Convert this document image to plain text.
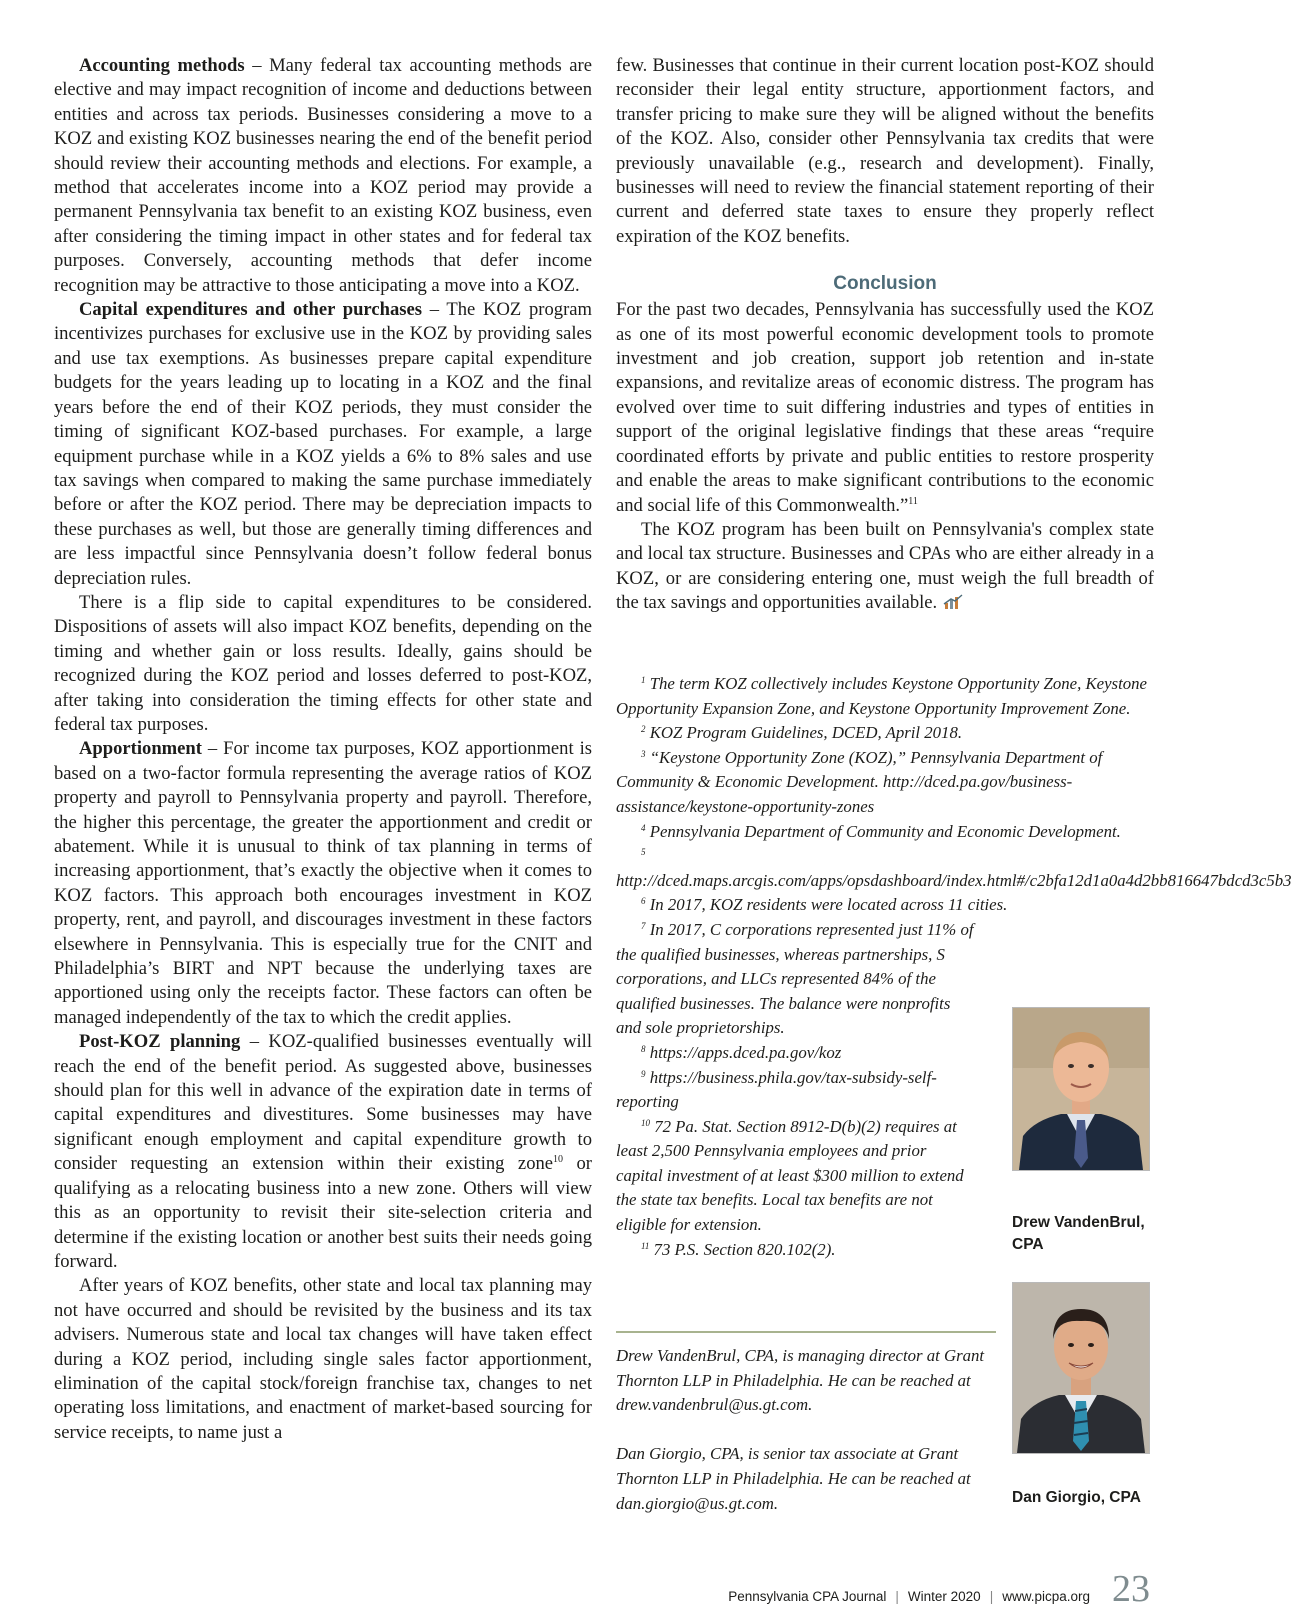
Accounting methods – Many federal tax accounting methods are elective and may impact recognition of income and deductions between entities and across tax periods. Businesses considering a move to a KOZ and existing KOZ businesses nearing the end of the benefit period should review their accounting methods and elections. For example, a method that accelerates income into a KOZ period may provide a permanent Pennsylvania tax benefit to an existing KOZ business, even after considering the timing impact in other states and for federal tax purposes. Conversely, accounting methods that defer income recognition may be attractive to those anticipating a move into a KOZ.

Capital expenditures and other purchases – The KOZ program incentivizes purchases for exclusive use in the KOZ by providing sales and use tax exemptions. As businesses prepare capital expenditure budgets for the years leading up to locating in a KOZ and the final years before the end of their KOZ periods, they must consider the timing of significant KOZ-based purchases. For example, a large equipment purchase while in a KOZ yields a 6% to 8% sales and use tax savings when compared to making the same purchase immediately before or after the KOZ period. There may be depreciation impacts to these purchases as well, but those are generally timing differences and are less impactful since Pennsylvania doesn’t follow federal bonus depreciation rules.

There is a flip side to capital expenditures to be considered. Dispositions of assets will also impact KOZ benefits, depending on the timing and whether gain or loss results. Ideally, gains should be recognized during the KOZ period and losses deferred to post-KOZ, after taking into consideration the timing effects for other state and federal tax purposes.

Apportionment – For income tax purposes, KOZ apportionment is based on a two-factor formula representing the average ratios of KOZ property and payroll to Pennsylvania property and payroll. Therefore, the higher this percentage, the greater the apportionment and credit or abatement. While it is unusual to think of tax planning in terms of increasing apportionment, that’s exactly the objective when it comes to KOZ factors. This approach both encourages investment in KOZ property, rent, and payroll, and discourages investment in these factors elsewhere in Pennsylvania. This is especially true for the CNIT and Philadelphia’s BIRT and NPT because the underlying taxes are apportioned using only the receipts factor. These factors can often be managed independently of the tax to which the credit applies.

Post-KOZ planning – KOZ-qualified businesses eventually will reach the end of the benefit period. As suggested above, businesses should plan for this well in advance of the expiration date in terms of capital expenditures and divestitures. Some businesses may have significant enough employment and capital expenditure growth to consider requesting an extension within their existing zone$^{10}$ or qualifying as a relocating business into a new zone. Others will view this as an opportunity to revisit their site-selection criteria and determine if the existing location or another best suits their needs going forward.

After years of KOZ benefits, other state and local tax planning may not have occurred and should be revisited by the business and its tax advisers. Numerous state and local tax changes will have taken effect during a KOZ period, including single sales factor apportionment, elimination of the capital stock/foreign franchise tax, changes to net operating loss limitations, and enactment of market-based sourcing for service receipts, to name just a

few. Businesses that continue in their current location post-KOZ should reconsider their legal entity structure, apportionment factors, and transfer pricing to make sure they will be aligned without the benefits of the KOZ. Also, consider other Pennsylvania tax credits that were previously unavailable (e.g., research and development). Finally, businesses will need to review the financial statement reporting of their current and deferred state taxes to ensure they properly reflect expiration of the KOZ benefits.

Conclusion

For the past two decades, Pennsylvania has successfully used the KOZ as one of its most powerful economic development tools to promote investment and job creation, support job retention and in-state expansions, and revitalize areas of economic distress. The program has evolved over time to suit differing industries and types of entities in support of the original legislative findings that these areas “require coordinated efforts by private and public entities to restore prosperity and enable the areas to make significant contributions to the economic and social life of this Commonwealth.”$^{11}$

The KOZ program has been built on Pennsylvania's complex state and local tax structure. Businesses and CPAs who are either already in a KOZ, or are considering entering one, must weigh the full breadth of the tax savings and opportunities available.

$^1$ The term KOZ collectively includes Keystone Opportunity Zone, Keystone Opportunity Expansion Zone, and Keystone Opportunity Improvement Zone.

$^2$ KOZ Program Guidelines, DCED, April 2018.

$^3$ “Keystone Opportunity Zone (KOZ),” Pennsylvania Department of Community & Economic Development. http://dced.pa.gov/business-assistance/keystone-opportunity-zones

$^4$ Pennsylvania Department of Community and Economic Development.

$^5$ http://dced.maps.arcgis.com/apps/opsdashboard/index.html#/c2bfa12d1a0a4d2bb816647bdcd3c5b3

$^6$ In 2017, KOZ residents were located across 11 cities.

$^7$ In 2017, C corporations represented just 11% of the qualified businesses, whereas partnerships, S corporations, and LLCs represented 84% of the qualified businesses. The balance were nonprofits and sole proprietorships.

$^8$ https://apps.dced.pa.gov/koz

$^9$ https://business.phila.gov/tax-subsidy-self-reporting

$^{10}$ 72 Pa. Stat. Section 8912-D(b)(2) requires at least 2,500 Pennsylvania employees and prior capital investment of at least $300 million to extend the state tax benefits. Local tax benefits are not eligible for extension.

$^{11}$ 73 P.S. Section 820.102(2).

Drew VandenBrul, CPA, is managing director at Grant Thornton LLP in Philadelphia. He can be reached at drew.vandenbrul@us.gt.com.

Dan Giorgio, CPA, is senior tax associate at Grant Thornton LLP in Philadelphia. He can be reached at dan.giorgio@us.gt.com.

Drew VandenBrul, CPA
Dan Giorgio, CPA
Pennsylvania CPA Journal | Winter 2020 | www.picpa.org 23
